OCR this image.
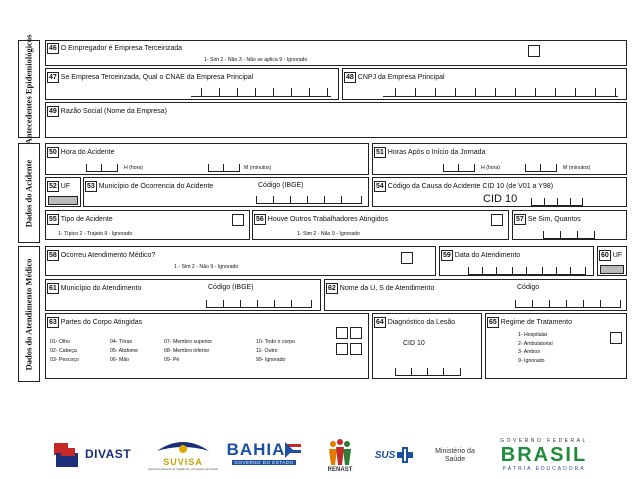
Antecedentes Epidemiológicos
Dados do Acidente
Dados do Atendimento Médico
46 O Empregador é Empresa Terceirizada
1- Sim 2 - Não 3 - Não se aplica 9 - Ignorado
47 Se Empresa Terceirizada, Qual o CNAE da Empresa Principal	48 CNPJ da Empresa Principal
49 Razão Social (Nome da Empresa)
50 Hora do Acidente
H (hora)	M (minutos)
51 Horas Após o Início da Jornada
H (hora)	M (minutos)
52 UF 53 Município de Ocorrencia do Acidente	Código (IBGE)	54 Código da Causa do Acidente CID 10 (de V01 a Y98)
CID 10
55 Tipo de Acidente
1- Típico 2 - Trajeto 9 - Ignorado
56 Houve Outros Trabalhadores Atingidos
1- Sim 2 - Não 9 - Ignorado
57 Se Sim, Quantos
58 Ocorreu Atendimento Médico?
1 - Sim 2 - Não 9 - Ignorado
59 Data do Atendimento	60 UF
61 Município do Atendimento	Código (IBGE)	62 Nome da U, S de Atendimento	Código
63 Partes do Corpo Atingidas
01- Olho
02- Cabeça
03- Pescoço
04- Tórax
05- Abdome
06- Mão
07- Membro superior
08- Membro inferior
09- Pé
10- Todo o corpo
11- Outro
99- Ignorado
64 Diagnóstico da Lesão
CID 10
65 Regime de Tratamento
1- Hospitalar
2- Ambulatorial
3- Ambos
9- Ignorado
DIVAST
SUVISA
Superintendência de Vigilância e Proteção da Saúde
BAHIA
GOVERNO DO ESTADO
RENAST
SUS	Ministério da Saúde
GOVERNO FEDERAL
BRASIL
PÁTRIA EDUCADORA
